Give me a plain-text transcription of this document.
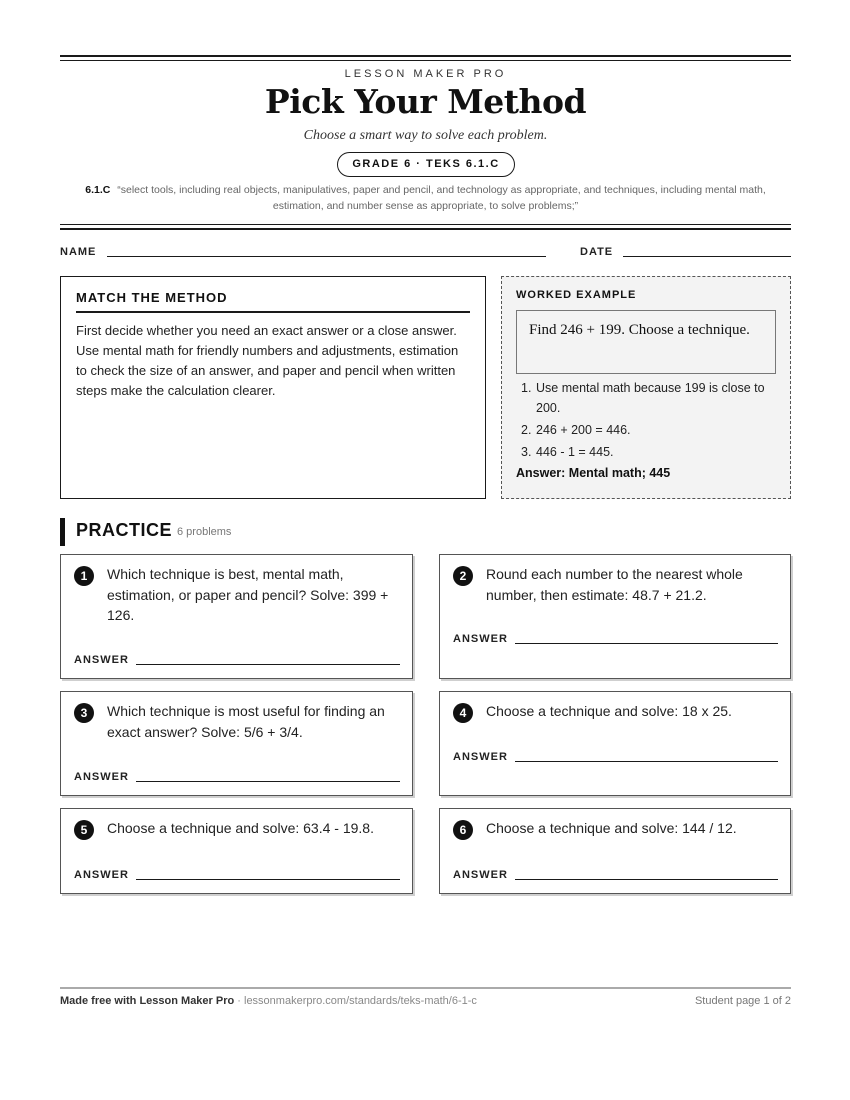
LESSON MAKER PRO
Pick Your Method
Choose a smart way to solve each problem.
GRADE 6 · TEKS 6.1.C
6.1.C “select tools, including real objects, manipulatives, paper and pencil, and technology as appropriate, and techniques, including mental math, estimation, and number sense as appropriate, to solve problems;”
NAME	DATE
MATCH THE METHOD
First decide whether you need an exact answer or a close answer. Use mental math for friendly numbers and adjustments, estimation to check the size of an answer, and paper and pencil when written steps make the calculation clearer.
WORKED EXAMPLE
Find 246 + 199. Choose a technique.
1. Use mental math because 199 is close to 200.
2. 246 + 200 = 446.
3. 446 - 1 = 445.
Answer: Mental math; 445
PRACTICE 6 problems
1	Which technique is best, mental math, estimation, or paper and pencil? Solve: 399 + 126.
ANSWER
2	Round each number to the nearest whole number, then estimate: 48.7 + 21.2.
ANSWER
3	Which technique is most useful for finding an exact answer? Solve: 5/6 + 3/4.
ANSWER
4	Choose a technique and solve: 18 x 25.
ANSWER
5	Choose a technique and solve: 63.4 - 19.8.
ANSWER
6	Choose a technique and solve: 144 / 12.
ANSWER
Made free with Lesson Maker Pro · lessonmakerpro.com/standards/teks-math/6-1-c	Student page 1 of 2
